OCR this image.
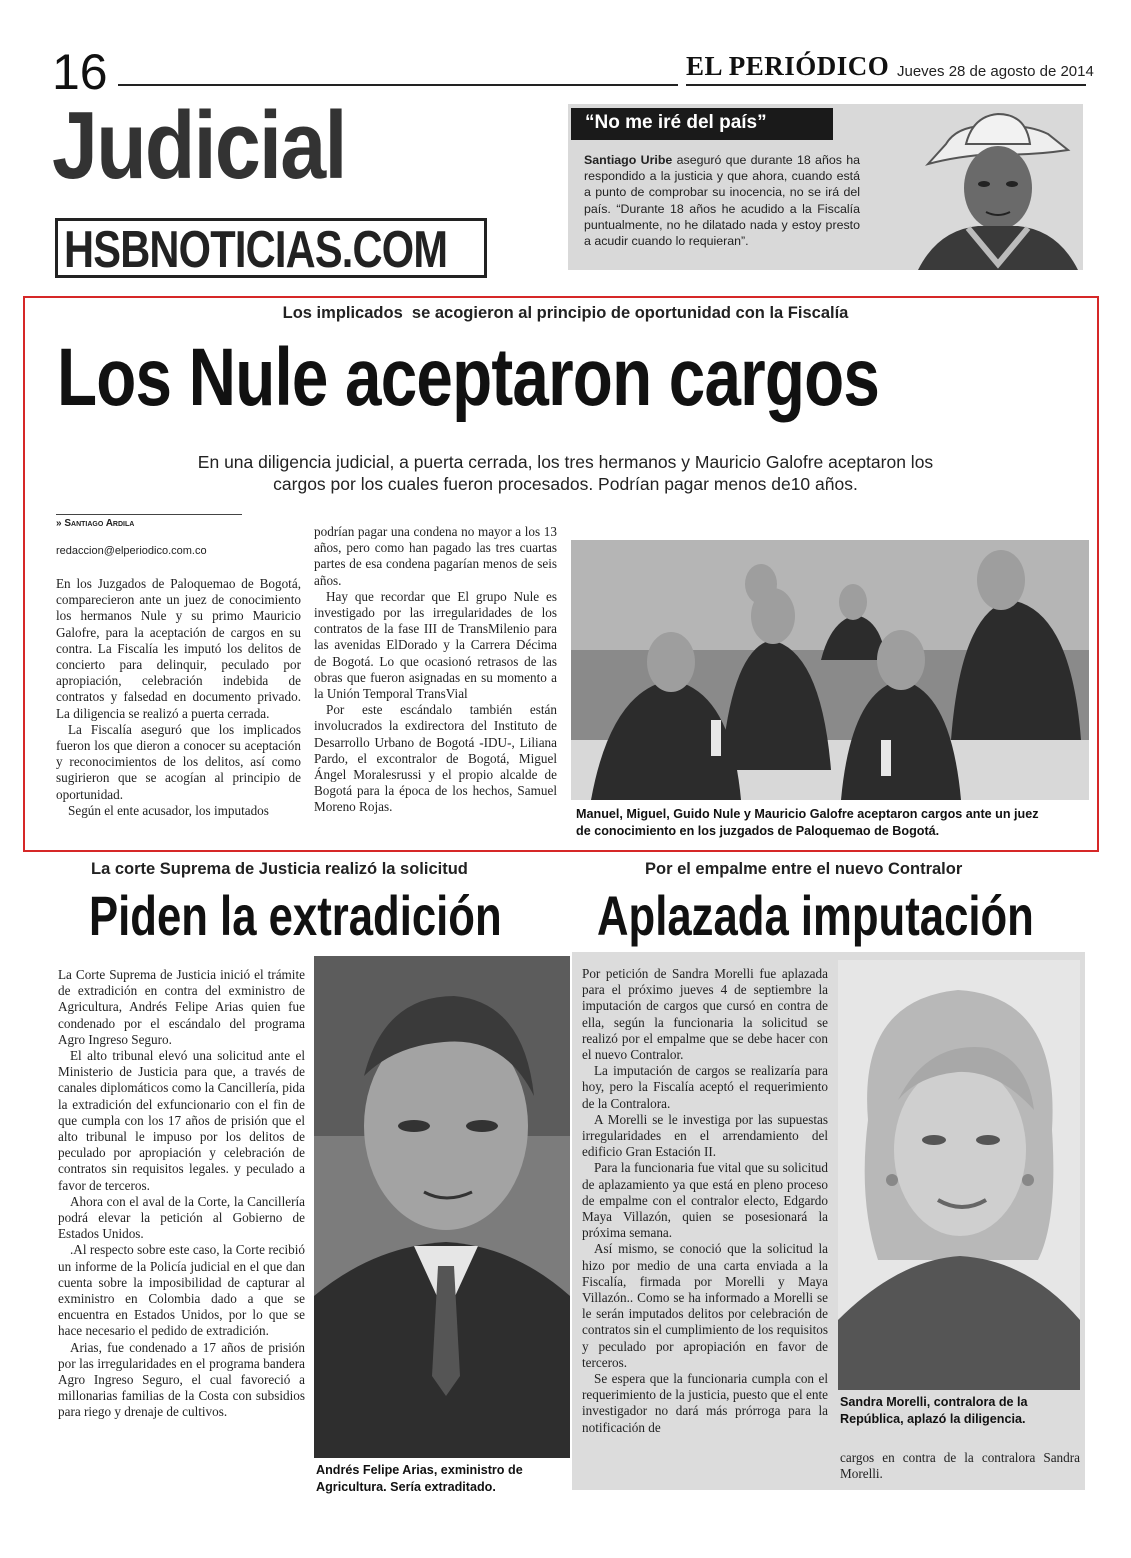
16	EL PERIÓDICO Jueves 28 de agosto de 2014
Judicial
HSBNOTICIAS.COM
“No me iré del país”
Santiago Uribe aseguró que durante 18 años ha respondido a la justicia y que ahora, cuando está a punto de comprobar su inocencia, no se irá del país. “Durante 18 años he acudido a la Fiscalía puntualmente, no he dilatado nada y estoy presto a acudir cuando lo requieran”.
Los implicados  se acogieron al principio de oportunidad con la Fiscalía
Los Nule aceptaron cargos
En una diligencia judicial, a puerta cerrada, los tres hermanos y Mauricio Galofre aceptaron los
cargos por los cuales fueron procesados. Podrían pagar menos de10 años.
» Santiago Ardila
redaccion@elperiodico.com.co

En los Juzgados de Paloquemao de Bogotá, comparecieron ante un juez de conocimiento los hermanos Nule y su primo Mauricio Galofre, para la aceptación de cargos en su contra. La Fiscalía les imputó los delitos de concierto para delinquir, peculado por apropiación, celebración indebida de contratos y falsedad en documento privado. La diligencia se realizó a puerta cerrada.

La Fiscalía aseguró que los implicados fueron los que dieron a conocer su aceptación y reconocimientos de los delitos, así como sugirieron que se acogían al principio de oportunidad.

Según el ente acusador, los imputados

podrían pagar una condena no mayor a los 13 años, pero como han pagado las tres cuartas partes de esa condena pagarían menos de seis años.

Hay que recordar que El grupo Nule es investigado por las irregularidades de los contratos de la fase III de TransMilenio para las avenidas ElDorado y la Carrera Décima de Bogotá. Lo que ocasionó retrasos de las obras que fueron asignadas en su momento a la Unión Temporal TransVial

Por este escándalo también están involucrados la exdirectora del Instituto de Desarrollo Urbano de Bogotá -IDU-, Liliana Pardo, el excontralor de Bogotá, Miguel Ángel Moralesrussi y el propio alcalde de Bogotá para la época de los hechos, Samuel Moreno Rojas.	Manuel, Miguel, Guido Nule y Mauricio Galofre aceptaron cargos ante un juez
de conocimiento en los juzgados de Paloquemao de Bogotá.
La corte Suprema de Justicia realizó la solicitud
Piden la extradición

La Corte Suprema de Justicia inició el trámite de extradición en contra del exministro de Agricultura, Andrés Felipe Arias quien fue condenado por el escándalo del programa Agro Ingreso Seguro.

El alto tribunal elevó una solicitud ante el Ministerio de Justicia para que, a través de canales diplomáticos como la Cancillería, pida la extradición del exfuncionario con el fin de que cumpla con los 17 años de prisión que el alto tribunal le impuso por los delitos de peculado por apropiación y celebración de contratos sin requisitos legales. y peculado a favor de terceros.

Ahora con el aval de la Corte, la Cancillería podrá elevar la petición al Gobierno de Estados Unidos.

.Al respecto sobre este caso, la Corte recibió un informe de la Policía judicial en el que dan cuenta sobre la imposibilidad de capturar al exministro en Colombia dado a que se encuentra en Estados Unidos, por lo que se hace necesario el pedido de extradición.

Arias, fue condenado a 17 años de prisión por las irregularidades en el programa bandera Agro Ingreso Seguro, el cual favoreció a millonarias familias de la Costa con subsidios para riego y drenaje de cultivos.

Andrés Felipe Arias, exministro de
Agricultura. Sería extraditado.
Por el empalme entre el nuevo Contralor
Aplazada imputación

Por petición de Sandra Morelli fue aplazada para el próximo jueves 4 de septiembre la imputación de cargos que cursó en contra de ella, según la funcionaria la solicitud se realizó por el empalme que se debe hacer con el nuevo Contralor.

La imputación de cargos se realizaría para hoy, pero la Fiscalía aceptó el requerimiento de la Contralora.

A Morelli se le investiga por las supuestas irregularidades en el arrendamiento del edificio Gran Estación II.

Para la funcionaria fue vital que su solicitud de aplazamiento ya que está en pleno proceso de empalme con el contralor electo, Edgardo Maya Villazón, quien se posesionará la próxima semana.

Así mismo, se conoció que la solicitud la hizo por medio de una carta enviada a la Fiscalía, firmada por Morelli y Maya Villazón.. Como se ha informado a Morelli se le serán imputados delitos por celebración de contratos sin el cumplimiento de los requisitos y peculado por apropiación en favor de terceros.

Se espera que la funcionaria cumpla con el requerimiento de la justicia, puesto que el ente investigador no dará más prórroga para la notificación de

Sandra Morelli, contralora de la
República, aplazó la diligencia.
cargos en contra de la contralora Sandra Morelli.
